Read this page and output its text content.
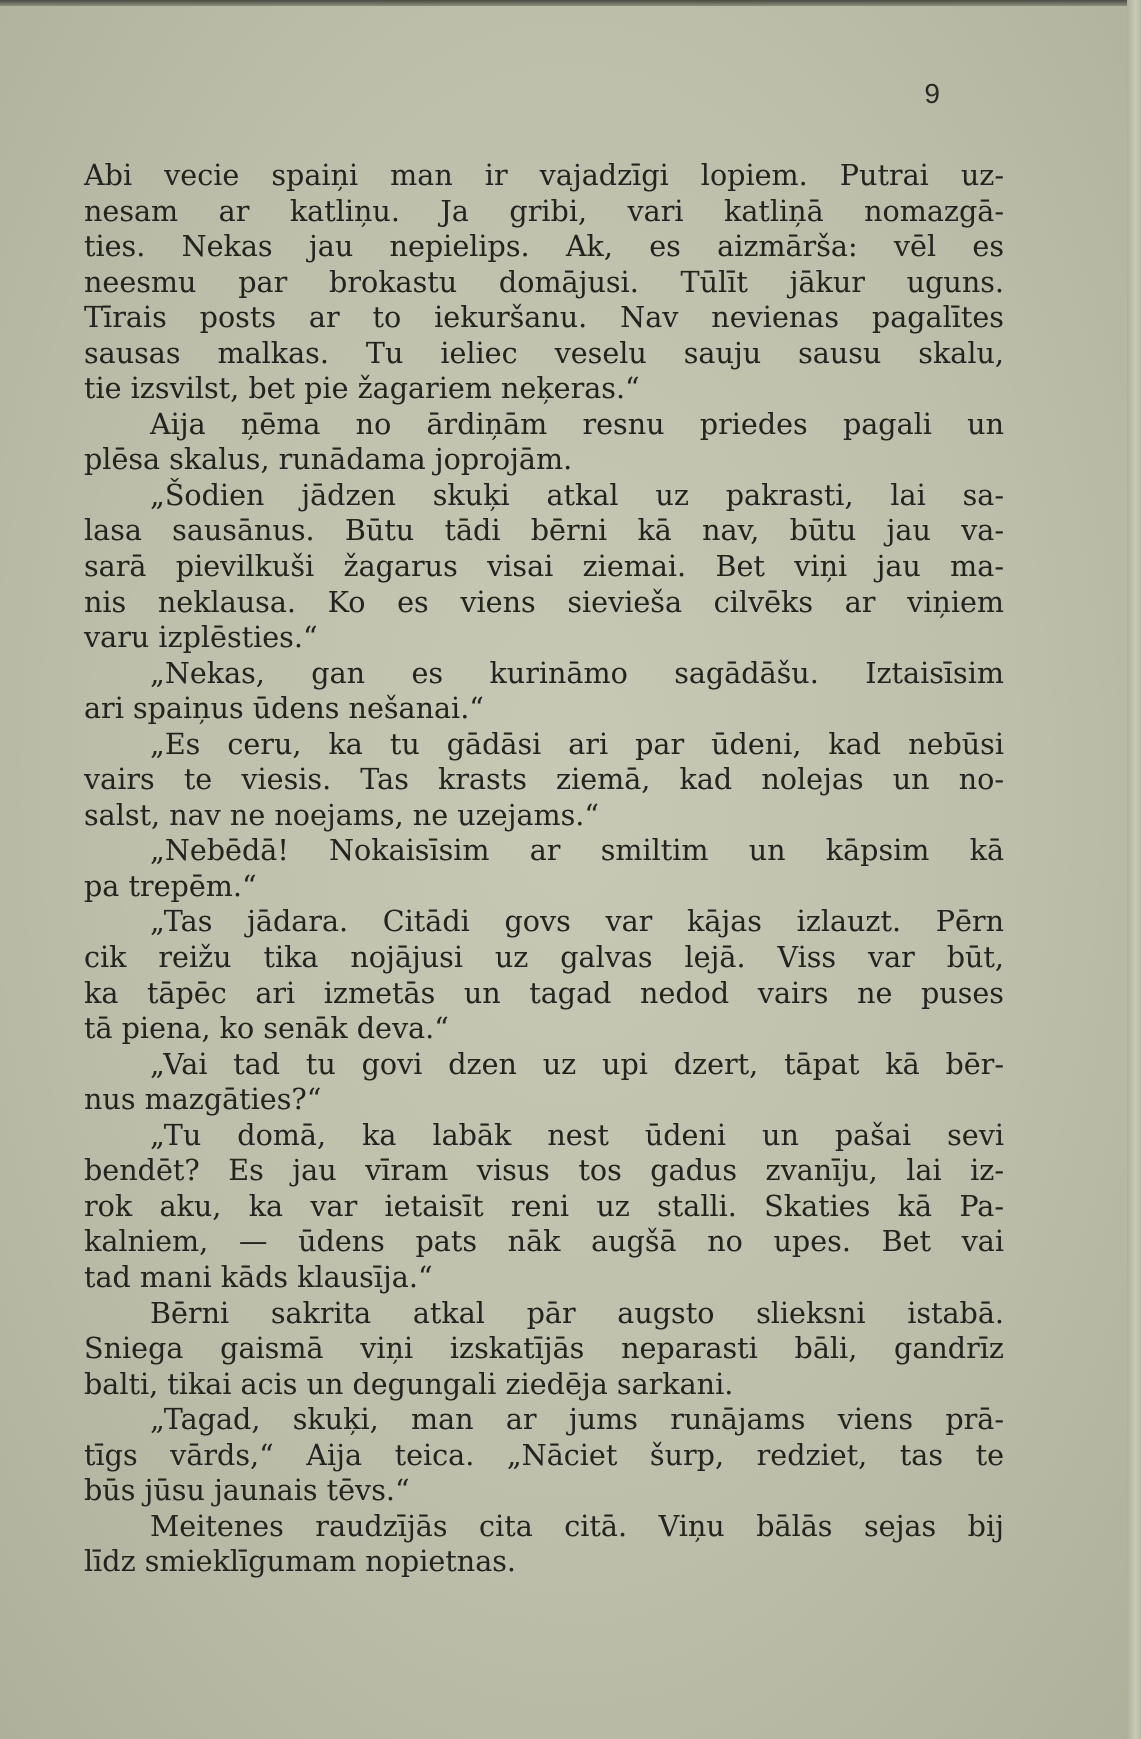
9
Abi vecie spaiņi man ir vajadzīgi lopiem. Putrai uz-
nesam ar katliņu. Ja gribi, vari katliņā nomazgā-
ties. Nekas jau nepielips. Ak, es aizmārša: vēl es
neesmu par brokastu domājusi. Tūlīt jākur uguns.
Tīrais posts ar to iekuršanu. Nav nevienas pagalītes
sausas malkas. Tu ieliec veselu sauju sausu skalu,
tie izsvilst, bet pie žagariem neķeras.“
Aija ņēma no ārdiņām resnu priedes pagali un
plēsa skalus, runādama joprojām.
„Šodien jādzen skuķi atkal uz pakrasti, lai sa-
lasa sausānus. Būtu tādi bērni kā nav, būtu jau va-
sarā pievilkuši žagarus visai ziemai. Bet viņi jau ma-
nis neklausa. Ko es viens sieviešа cilvēks ar viņiem
varu izplēsties.“
„Nekas, gan es kurināmo sagādāšu. Iztaisīsim
ari spaiņus ūdens nešanai.“
„Es ceru, ka tu gādāsi ari par ūdeni, kad nebūsi
vairs te viesis. Tas krasts ziemā, kad nolejas un no-
salst, nav ne noejams, ne uzejams.“
„Nebēdā! Nokaisīsim ar smiltim un kāpsim kā
pa trepēm.“
„Tas jādara. Citādi govs var kājas izlauzt. Pērn
cik reižu tika nojājusi uz galvas lejā. Viss var būt,
ka tāpēc ari izmetās un tagad nedod vairs ne puses
tā piena, ko senāk deva.“
„Vai tad tu govi dzen uz upi dzert, tāpat kā bēr-
nus mazgāties?“
„Tu domā, ka labāk nest ūdeni un pašai sevi
bendēt? Es jau vīram visus tos gadus zvanīju, lai iz-
rok aku, ka var ietaisīt reni uz stalli. Skaties kā Pa-
kalniem, — ūdens pats nāk augšā no upes. Bet vai
tad mani kāds klausīja.“
Bērni sakrita atkal pār augsto slieksni istabā.
Sniega gaismā viņi izskatījās neparasti bāli, gandrīz
balti, tikai acis un degungali ziedēja sarkani.
„Tagad, skuķi, man ar jums runājams viens prā-
tīgs vārds,“ Aija teica. „Nāciet šurp, redziet, tas te
būs jūsu jaunais tēvs.“
Meitenes raudzījās cita citā. Viņu bālās sejas bij
līdz smieklīgumam nopietnas.
